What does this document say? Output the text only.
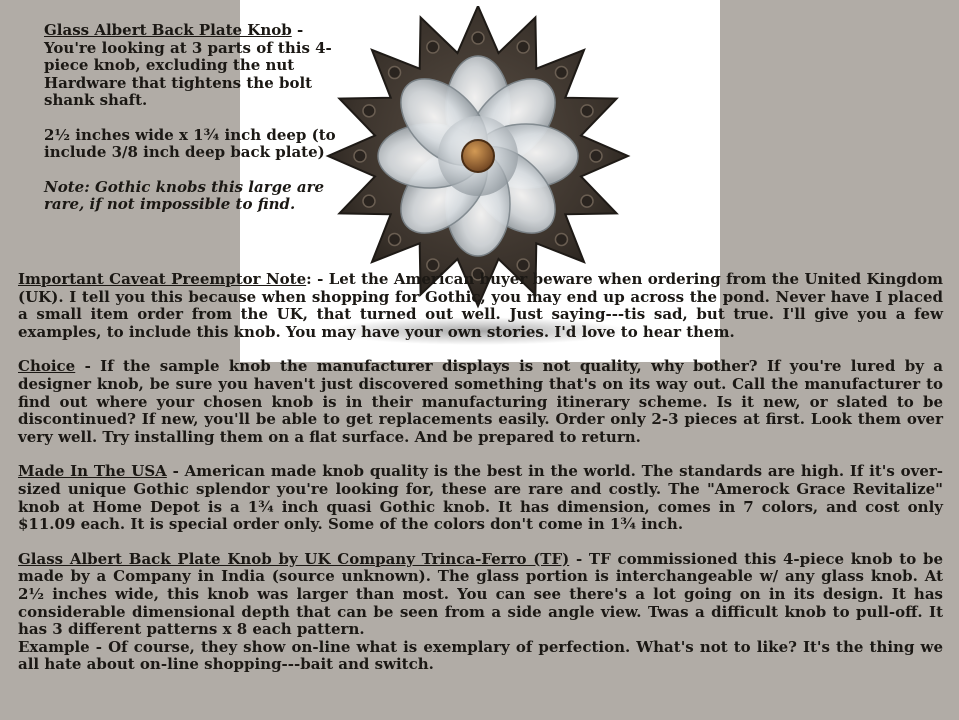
Glass Albert Back Plate Knob - You're looking at 3 parts of this 4-piece knob, excluding the nut Hardware that tightens the bolt shank shaft.

2½ inches wide x 1¾ inch deep (to include 3/8 inch deep back plate)

Note: Gothic knobs this large are rare, if not impossible to find.

Important Caveat Preemptor Note: - Let the American buyer beware when ordering from the United Kingdom (UK). I tell you this because when shopping for Gothic, you may end up across the pond. Never have I placed a small item order from the UK, that turned out well. Just saying---tis sad, but true. I'll give you a few examples, to include this knob. You may have your own stories. I'd love to hear them.

Choice - If the sample knob the manufacturer displays is not quality, why bother? If you're lured by a designer knob, be sure you haven't just discovered something that's on its way out. Call the manufacturer to find out where your chosen knob is in their manufacturing itinerary scheme. Is it new, or slated to be discontinued? If new, you'll be able to get replacements easily. Order only 2-3 pieces at first. Look them over very well. Try installing them on a flat surface. And be prepared to return.

Made In The USA - American made knob quality is the best in the world. The standards are high. If it's over-sized unique Gothic splendor you're looking for, these are rare and costly. The "Amerock Grace Revitalize" knob at Home Depot is a 1¾ inch quasi Gothic knob. It has dimension, comes in 7 colors, and cost only $11.09 each. It is special order only. Some of the colors don't come in 1¾ inch.

Glass Albert Back Plate Knob by UK Company Trinca-Ferro (TF) - TF commissioned this 4-piece knob to be made by a Company in India (source unknown). The glass portion is interchangeable w/ any glass knob. At 2½ inches wide, this knob was larger than most. You can see there's a lot going on in its design. It has considerable dimensional depth that can be seen from a side angle view. Twas a difficult knob to pull-off. It has 3 different patterns x 8 each pattern.

Example - Of course, they show on-line what is exemplary of perfection. What's not to like? It's the thing we all hate about on-line shopping---bait and switch.
